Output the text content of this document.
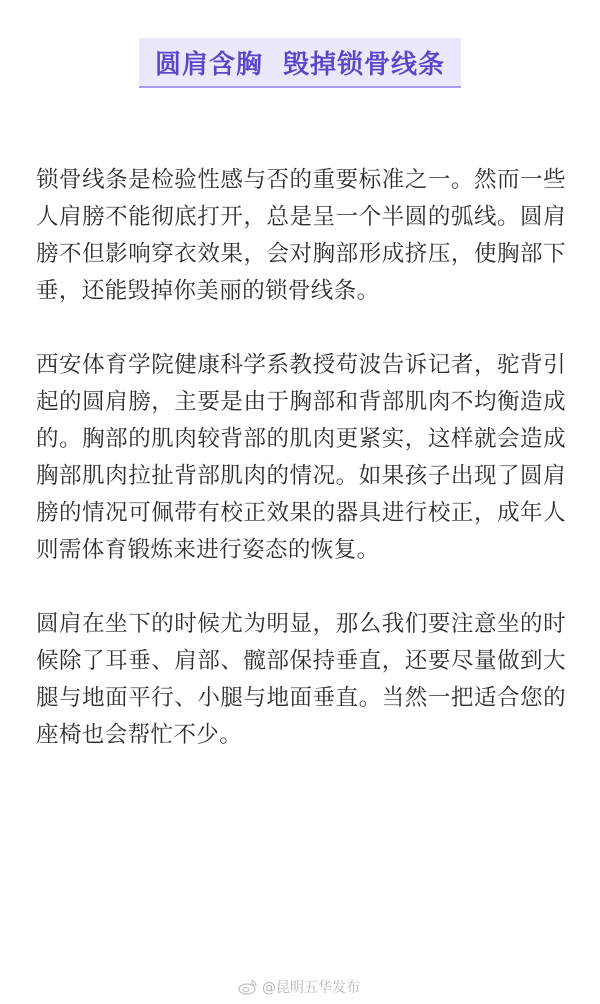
圆肩含胸  毁掉锁骨线条

锁骨线条是检验性感与否的重要标准之一。然而一些人肩膀不能彻底打开，总是呈一个半圆的弧线。圆肩膀不但影响穿衣效果，会对胸部形成挤压，使胸部下垂，还能毁掉你美丽的锁骨线条。

西安体育学院健康科学系教授苟波告诉记者，驼背引起的圆肩膀，主要是由于胸部和背部肌肉不均衡造成的。胸部的肌肉较背部的肌肉更紧实，这样就会造成胸部肌肉拉扯背部肌肉的情况。如果孩子出现了圆肩膀的情况可佩带有校正效果的器具进行校正，成年人则需体育锻炼来进行姿态的恢复。

圆肩在坐下的时候尤为明显，那么我们要注意坐的时候除了耳垂、肩部、髋部保持垂直，还要尽量做到大腿与地面平行、小腿与地面垂直。当然一把适合您的座椅也会帮忙不少。

@昆明五华发布
